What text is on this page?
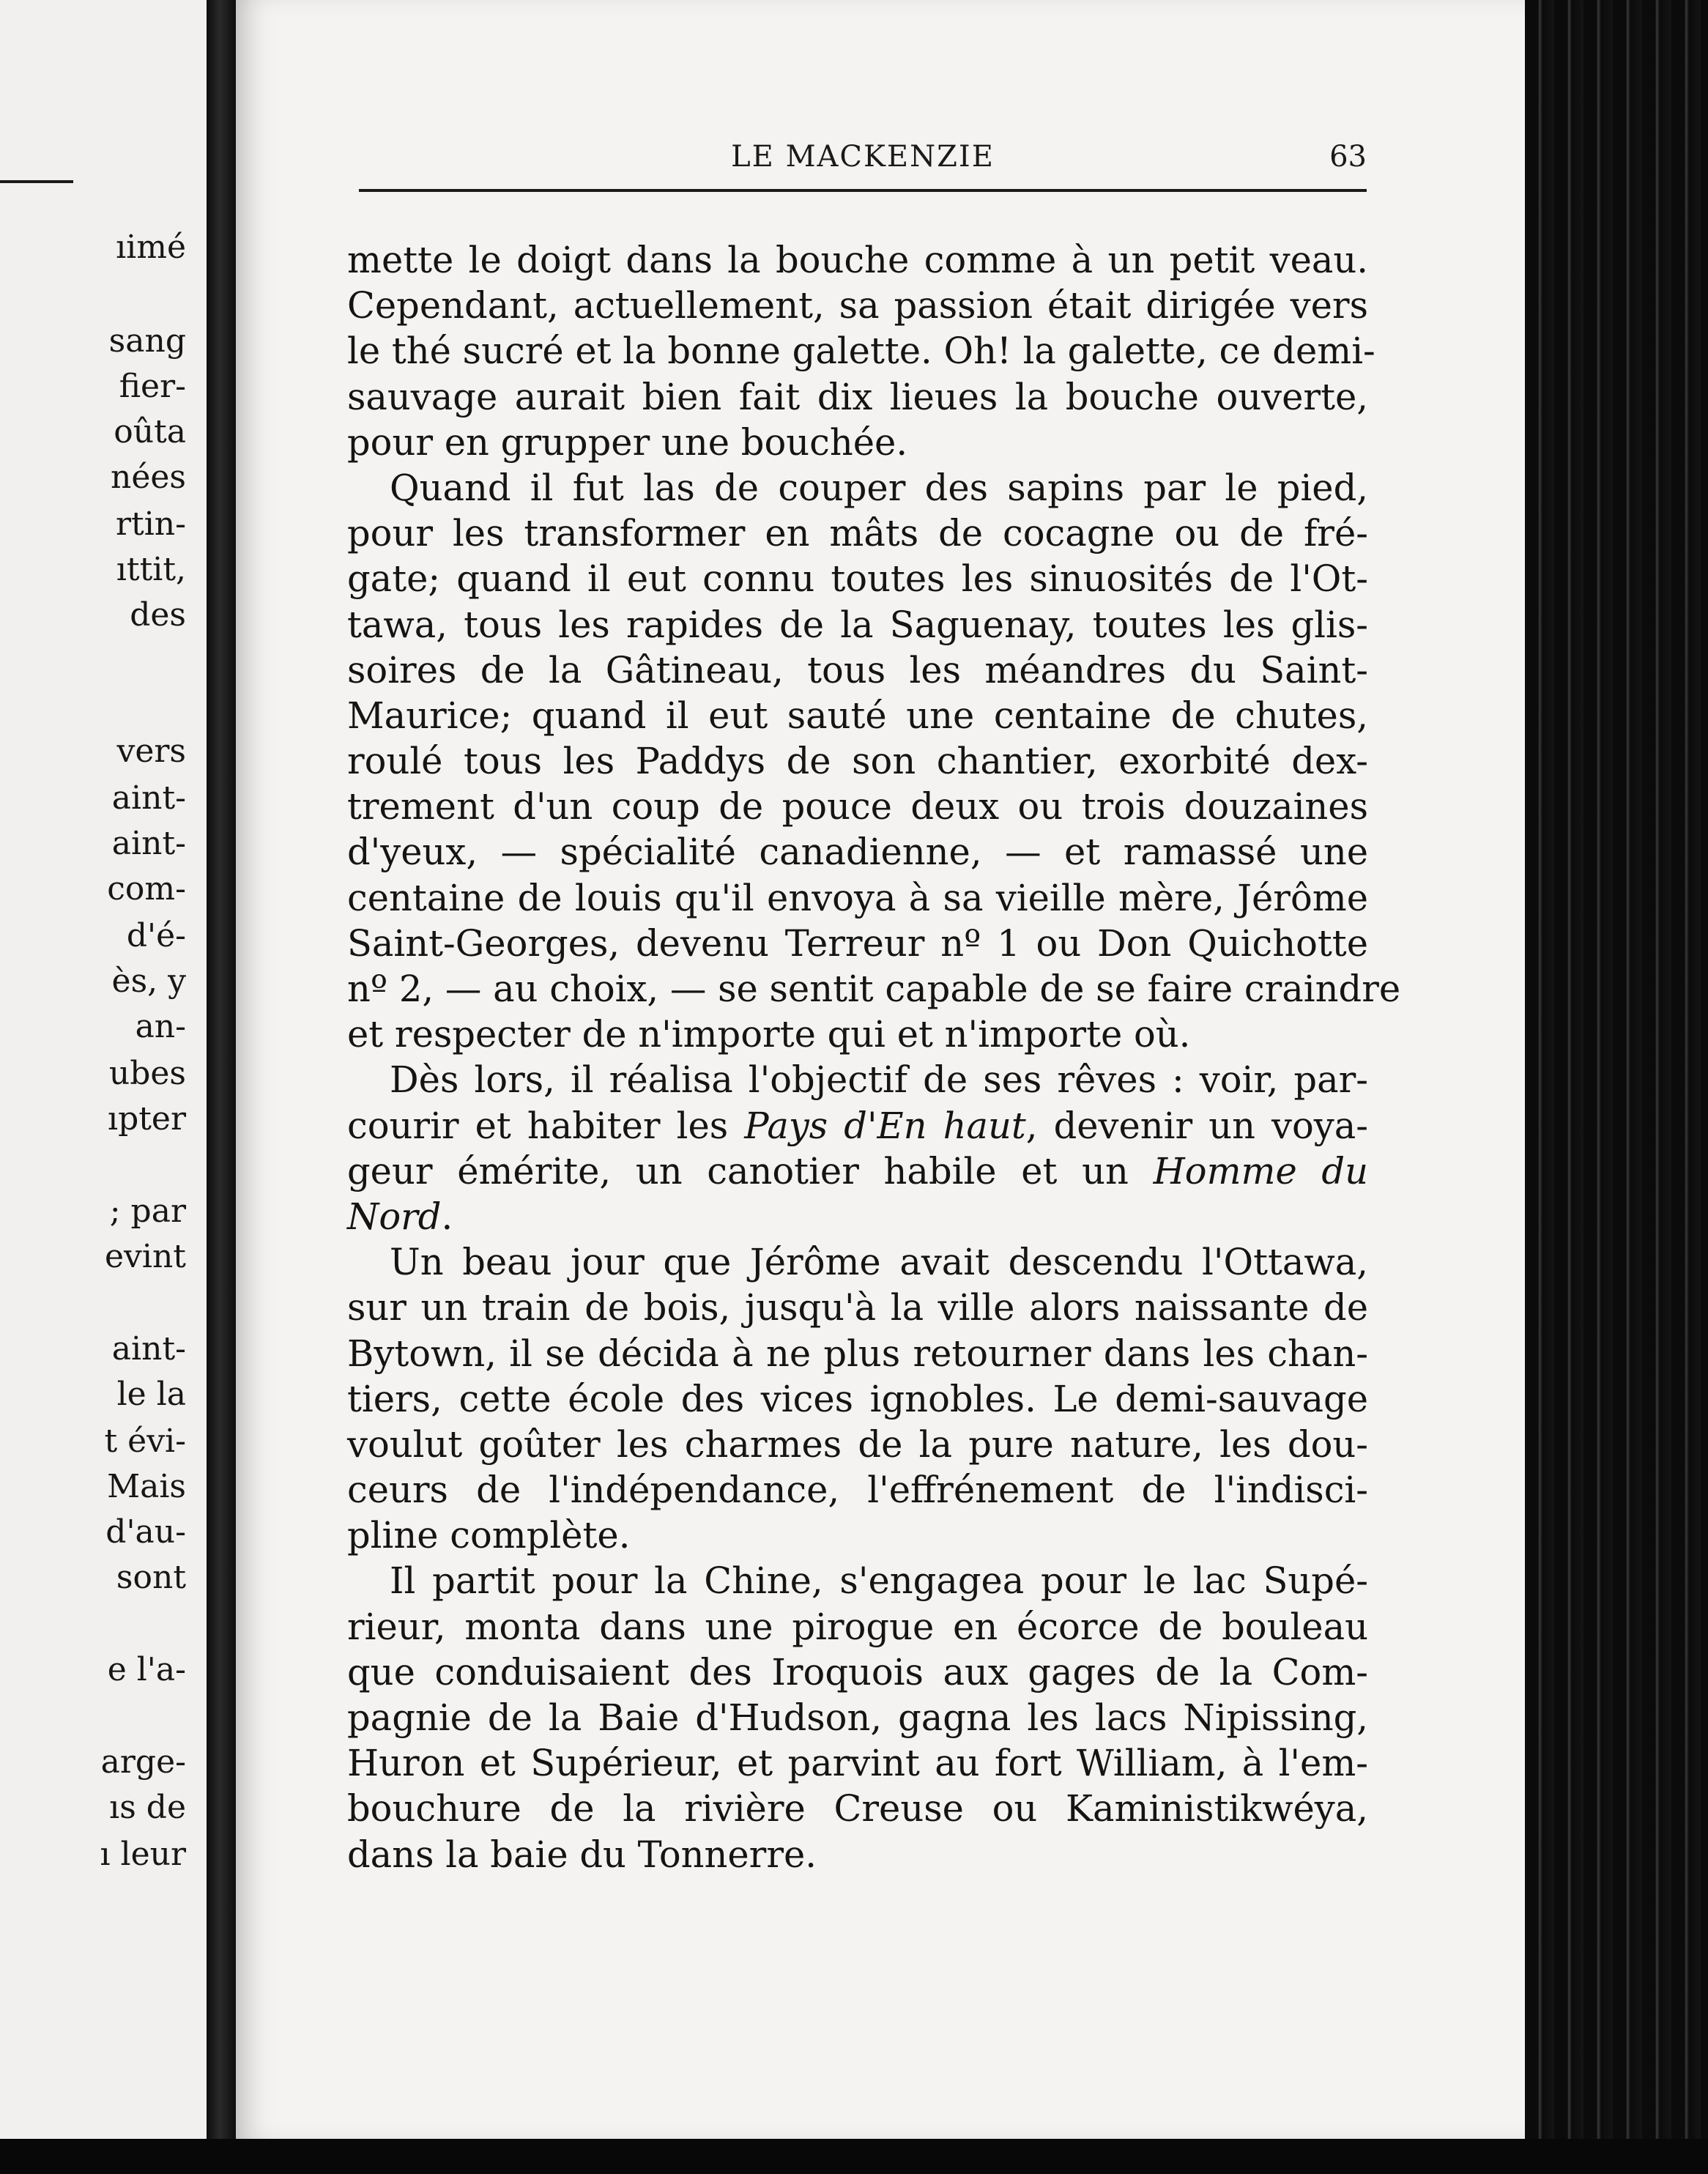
ıimé
sang
fier-
oûta
nées
rtin-
ıttit,
des
vers
aint-
aint-
com-
d'é-
ès, y
an-
ubes
ıpter
; par
evint
aint-
le la
t évi-
Mais
d'au-
sont
e l'a-
arge-
ıs de
ı leur
LE MACKENZIE	63
mette le doigt dans la bouche comme à un petit veau.
Cependant, actuellement, sa passion était dirigée vers
le thé sucré et la bonne galette. Oh! la galette, ce demi-
sauvage aurait bien fait dix lieues la bouche ouverte,
pour en grupper une bouchée.
Quand il fut las de couper des sapins par le pied,
pour les transformer en mâts de cocagne ou de fré-
gate; quand il eut connu toutes les sinuosités de l'Ot-
tawa, tous les rapides de la Saguenay, toutes les glis-
soires de la Gâtineau, tous les méandres du Saint-
Maurice; quand il eut sauté une centaine de chutes,
roulé tous les Paddys de son chantier, exorbité dex-
trement d'un coup de pouce deux ou trois douzaines
d'yeux, — spécialité canadienne, — et ramassé une
centaine de louis qu'il envoya à sa vieille mère, Jérôme
Saint-Georges, devenu Terreur nº 1 ou Don Quichotte
nº 2, — au choix, — se sentit capable de se faire craindre
et respecter de n'importe qui et n'importe où.
Dès lors, il réalisa l'objectif de ses rêves : voir, par-
courir et habiter les Pays d'En haut, devenir un voya-
geur émérite, un canotier habile et un Homme du
Nord.
Un beau jour que Jérôme avait descendu l'Ottawa,
sur un train de bois, jusqu'à la ville alors naissante de
Bytown, il se décida à ne plus retourner dans les chan-
tiers, cette école des vices ignobles. Le demi-sauvage
voulut goûter les charmes de la pure nature, les dou-
ceurs de l'indépendance, l'effrénement de l'indisci-
pline complète.
Il partit pour la Chine, s'engagea pour le lac Supé-
rieur, monta dans une pirogue en écorce de bouleau
que conduisaient des Iroquois aux gages de la Com-
pagnie de la Baie d'Hudson, gagna les lacs Nipissing,
Huron et Supérieur, et parvint au fort William, à l'em-
bouchure de la rivière Creuse ou Kaministikwéya,
dans la baie du Tonnerre.
